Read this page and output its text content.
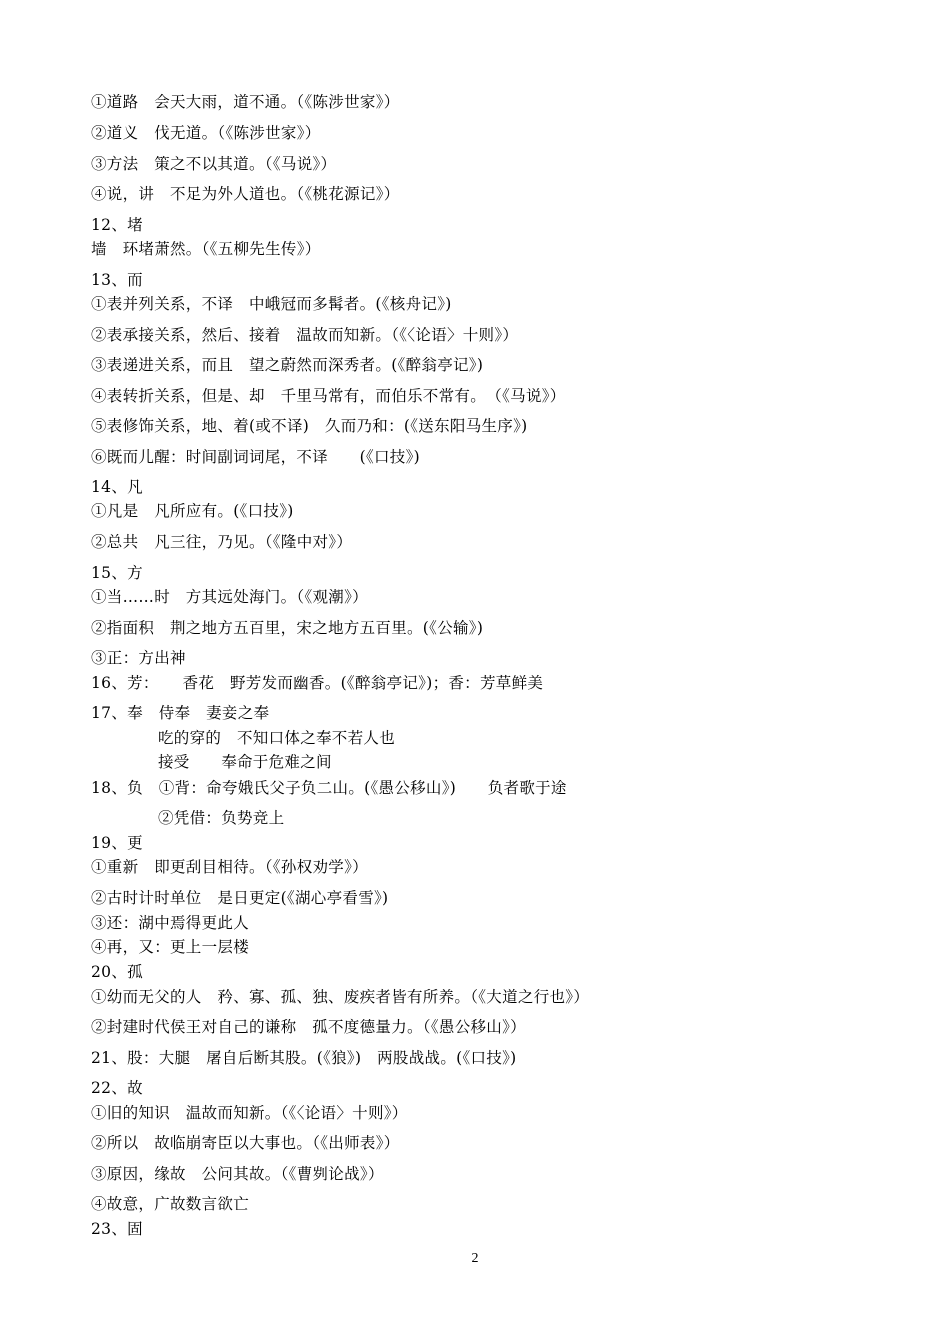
①道路　会天大雨，道不通。（《陈涉世家》）
②道义　伐无道。（《陈涉世家》）
③方法　策之不以其道。（《马说》）
④说，讲　不足为外人道也。（《桃花源记》）
12、堵
墙　环堵萧然。（《五柳先生传》）
13、而
①表并列关系，不译　中峨冠而多髯者。(《核舟记》)
②表承接关系，然后、接着　温故而知新。（《〈论语〉十则》）
③表递进关系，而且　望之蔚然而深秀者。(《醉翁亭记》)
④表转折关系，但是、却　千里马常有，而伯乐不常有。　（《马说》）
⑤表修饰关系，地、着(或不译)　久而乃和：(《送东阳马生序》)
⑥既而儿醒：时间副词词尾，不译　　(《口技》)
14、凡
①凡是　凡所应有。(《口技》)
②总共　凡三往，乃见。（《隆中对》）
15、方
①当……时　方其远处海门。（《观潮》）
②指面积　荆之地方五百里，宋之地方五百里。(《公输》)
③正：方出神
16、芳：　　香花　野芳发而幽香。(《醉翁亭记》)；香：芳草鲜美
17、奉　侍奉　妻妾之奉
吃的穿的　不知口体之奉不若人也
接受　　奉命于危难之间
18、负　①背：命夸娥氏父子负二山。(《愚公移山》)　　负者歌于途
②凭借：负势竞上
19、更
①重新　即更刮目相待。（《孙权劝学》）
②古时计时单位　是日更定(《湖心亭看雪》)
③还：湖中焉得更此人
④再，又：更上一层楼
20、孤
①幼而无父的人　矜、寡、孤、独、废疾者皆有所养。（《大道之行也》）
②封建时代侯王对自己的谦称　孤不度德量力。（《愚公移山》）
21、股：大腿　屠自后断其股。(《狼》)　两股战战。(《口技》)
22、故
①旧的知识　温故而知新。（《〈论语〉十则》）
②所以　故临崩寄臣以大事也。（《出师表》）
③原因，缘故　公问其故。（《曹刿论战》）
④故意，广故数言欲亡
23、固
2
